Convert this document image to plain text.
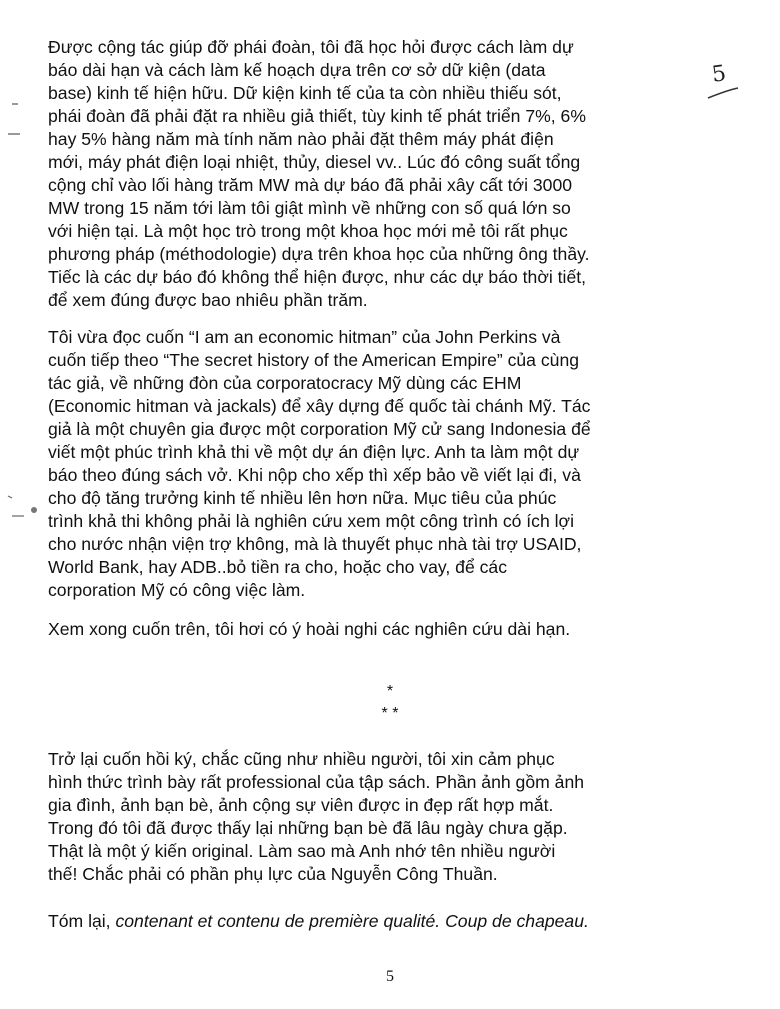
Được cộng tác giúp đỡ phái đoàn, tôi đã học hỏi được cách làm dự
báo dài hạn và cách làm kế hoạch dựa trên cơ sở dữ kiện (data
base) kinh tế hiện hữu. Dữ kiện kinh tế của ta còn nhiều thiếu sót,
phái đoàn đã phải đặt ra nhiều giả thiết, tùy kinh tế phát triển 7%, 6%
hay 5% hàng năm mà tính năm nào phải đặt thêm máy phát điện
mới, máy phát điện loại nhiệt, thủy, diesel vv.. Lúc đó công suất tổng
cộng chỉ vào lối hàng trăm MW mà dự báo đã phải xây cất tới 3000
MW trong 15 năm tới làm tôi giật mình về những con số quá lớn so
với hiện tại. Là một học trò trong một khoa học mới mẻ tôi rất phục
phương pháp (méthodologie) dựa trên khoa học của những ông thầy.
Tiếc là các dự báo đó không thể hiện được, như các dự báo thời tiết,
để xem đúng được bao nhiêu phần trăm.
Tôi vừa đọc cuốn “I am an economic hitman” của John Perkins và
cuốn tiếp theo “The secret history of the American Empire” của cùng
tác giả, về những đòn của corporatocracy Mỹ dùng các EHM
(Economic hitman và jackals) để xây dựng đế quốc tài chánh Mỹ. Tác
giả là một chuyên gia được một corporation Mỹ cử sang Indonesia để
viết một phúc trình khả thi về một dự án điện lực. Anh ta làm một dự
báo theo đúng sách vở. Khi nộp cho xếp thì xếp bảo về viết lại đi, và
cho độ tăng trưởng kinh tế nhiều lên hơn nữa. Mục tiêu của phúc
trình khả thi không phải là nghiên cứu xem một công trình có ích lợi
cho nước nhận viện trợ không, mà là thuyết phục nhà tài trợ USAID,
World Bank, hay ADB..bỏ tiền ra cho, hoặc cho vay, để các
corporation Mỹ có công việc làm.
Xem xong cuốn trên, tôi hơi có ý hoài nghi các nghiên cứu dài hạn.
*
* *
Trở lại cuốn hồi ký, chắc cũng như nhiều người, tôi xin cảm phục
hình thức trình bày rất professional của tập sách. Phần ảnh gồm ảnh
gia đình, ảnh bạn bè, ảnh cộng sự viên được in đẹp rất hợp mắt.
Trong đó tôi đã được thấy lại những bạn bè đã lâu ngày chưa gặp.
Thật là một ý kiến original. Làm sao mà Anh nhớ tên nhiều người
thế! Chắc phải có phần phụ lực của Nguyễn Công Thuần.
Tóm lại, contenant et contenu de première qualité. Coup de chapeau.
5
5
